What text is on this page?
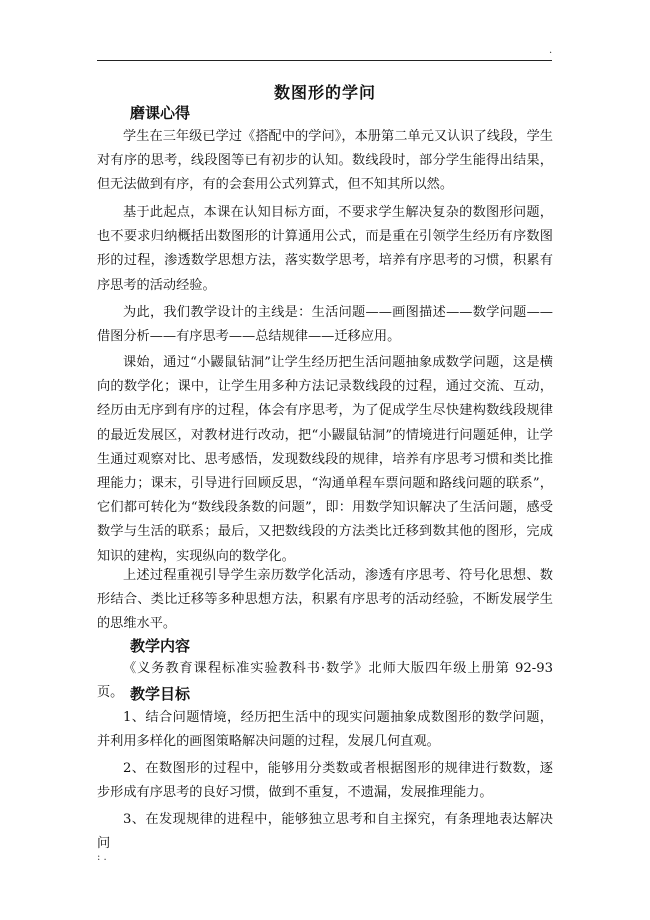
.
数图形的学问
磨课心得

学生在三年级已学过《搭配中的学问》，本册第二单元又认识了线段，学生对有序的思考，线段图等已有初步的认知。数线段时，部分学生能得出结果，但无法做到有序，有的会套用公式列算式，但不知其所以然。

基于此起点，本课在认知目标方面，不要求学生解决复杂的数图形问题，也不要求归纳概括出数图形的计算通用公式，而是重在引领学生经历有序数图形的过程，渗透数学思想方法，落实数学思考，培养有序思考的习惯，积累有序思考的活动经验。

为此，我们教学设计的主线是：生活问题——画图描述——数学问题——借图分析——有序思考——总结规律——迁移应用。

课始，通过“小鼹鼠钻洞”让学生经历把生活问题抽象成数学问题，这是横向的数学化；课中，让学生用多种方法记录数线段的过程，通过交流、互动，经历由无序到有序的过程，体会有序思考，为了促成学生尽快建构数线段规律的最近发展区，对教材进行改动，把“小鼹鼠钻洞”的情境进行问题延伸，让学生通过观察对比、思考感悟，发现数线段的规律，培养有序思考习惯和类比推理能力；课末，引导进行回顾反思，“沟通单程车票问题和路线问题的联系”，它们都可转化为“数线段条数的问题”，即：用数学知识解决了生活问题，感受数学与生活的联系；最后，又把数线段的方法类比迁移到数其他的图形，完成知识的建构，实现纵向的数学化。

上述过程重视引导学生亲历数学化活动，渗透有序思考、符号化思想、数形结合、类比迁移等多种思想方法，积累有序思考的活动经验，不断发展学生的思维水平。

教学内容

《义务教育课程标准实验教科书·数学》北师大版四年级上册第 92-93 页。 教学目标

1、结合问题情境，经历把生活中的现实问题抽象成数图形的数学问题，并利用多样化的画图策略解决问题的过程，发展几何直观。

2、在数图形的过程中，能够用分类数或者根据图形的规律进行数数，逐步形成有序思考的良好习惯，做到不重复，不遗漏，发展推理能力。

3、在发现规律的进程中，能够独立思考和自主探究，有条理地表达解决问

: .
